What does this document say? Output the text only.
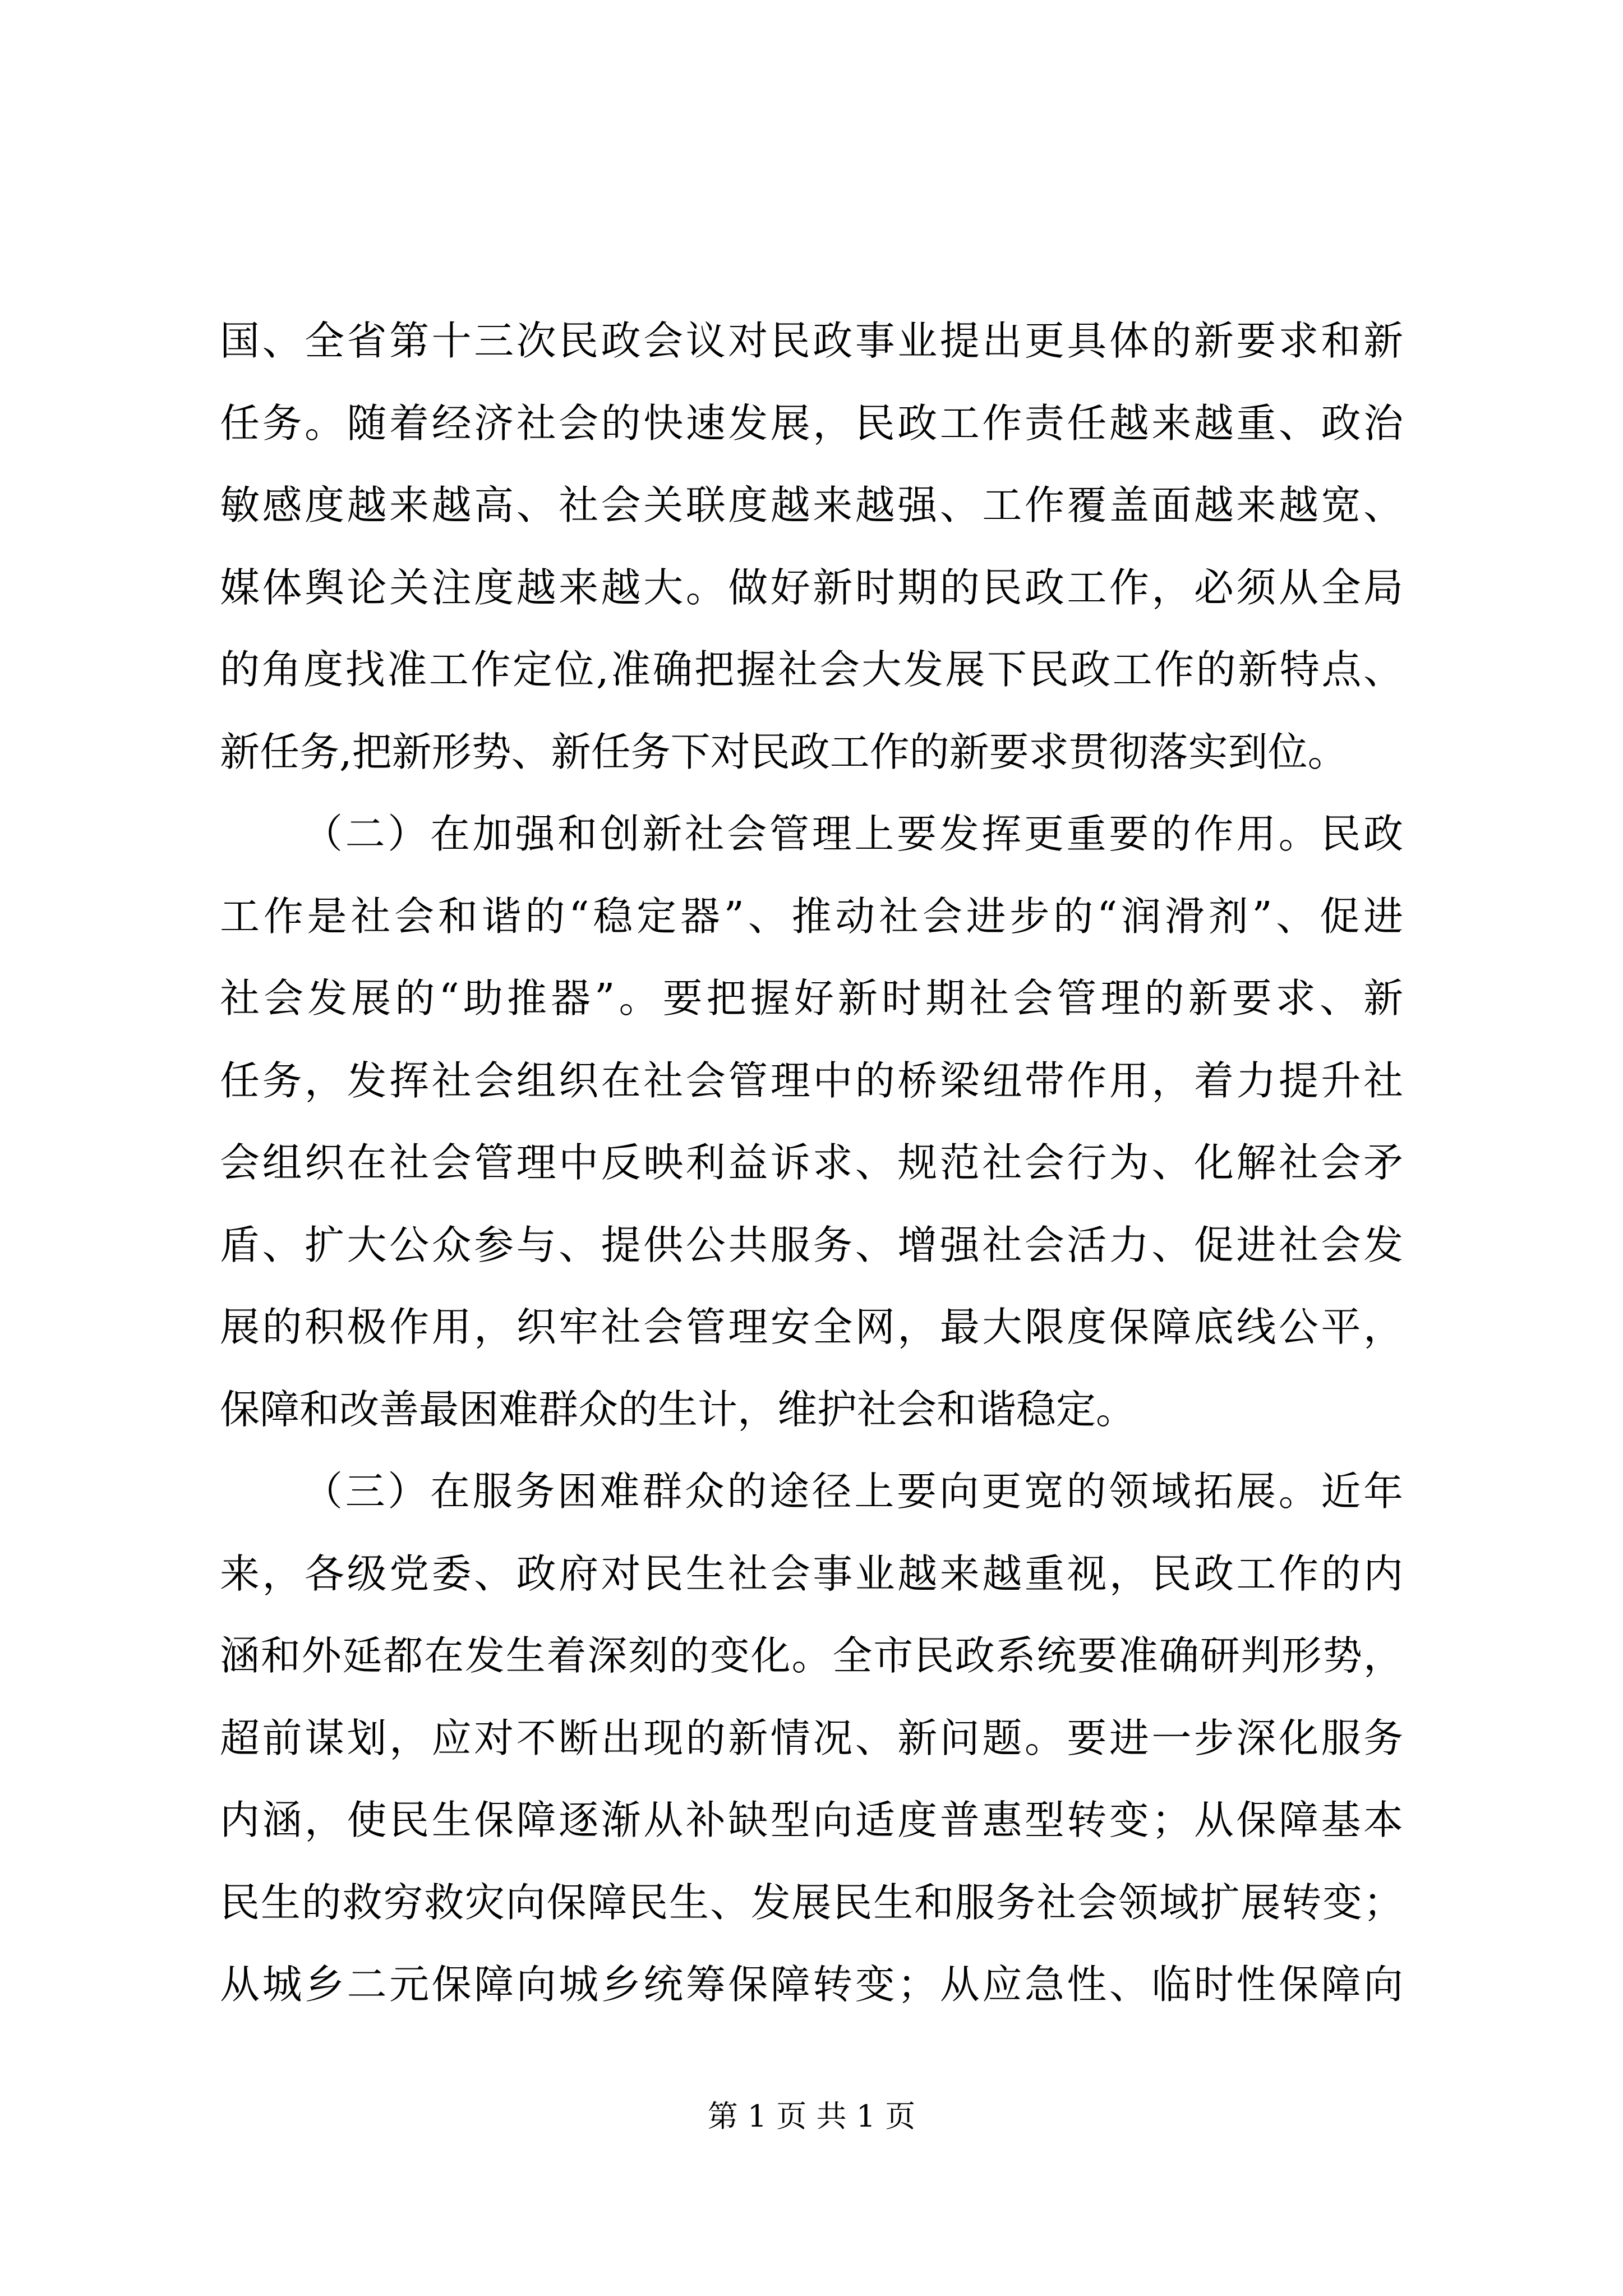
国、全省第十三次民政会议对民政事业提出更具体的新要求和新
任务。随着经济社会的快速发展，民政工作责任越来越重、政治
敏感度越来越高、社会关联度越来越强、工作覆盖面越来越宽、
媒体舆论关注度越来越大。做好新时期的民政工作，必须从全局
的角度找准工作定位,准确把握社会大发展下民政工作的新特点、
新任务,把新形势、新任务下对民政工作的新要求贯彻落实到位。
（二）在加强和创新社会管理上要发挥更重要的作用。民政
工作是社会和谐的“稳定器”、推动社会进步的“润滑剂”、促进
社会发展的“助推器”。要把握好新时期社会管理的新要求、新
任务，发挥社会组织在社会管理中的桥梁纽带作用，着力提升社
会组织在社会管理中反映利益诉求、规范社会行为、化解社会矛
盾、扩大公众参与、提供公共服务、增强社会活力、促进社会发
展的积极作用，织牢社会管理安全网，最大限度保障底线公平，
保障和改善最困难群众的生计，维护社会和谐稳定。
（三）在服务困难群众的途径上要向更宽的领域拓展。近年
来，各级党委、政府对民生社会事业越来越重视，民政工作的内
涵和外延都在发生着深刻的变化。全市民政系统要准确研判形势，
超前谋划，应对不断出现的新情况、新问题。要进一步深化服务
内涵，使民生保障逐渐从补缺型向适度普惠型转变；从保障基本
民生的救穷救灾向保障民生、发展民生和服务社会领域扩展转变；
从城乡二元保障向城乡统筹保障转变；从应急性、临时性保障向
第 1 页 共 1 页
